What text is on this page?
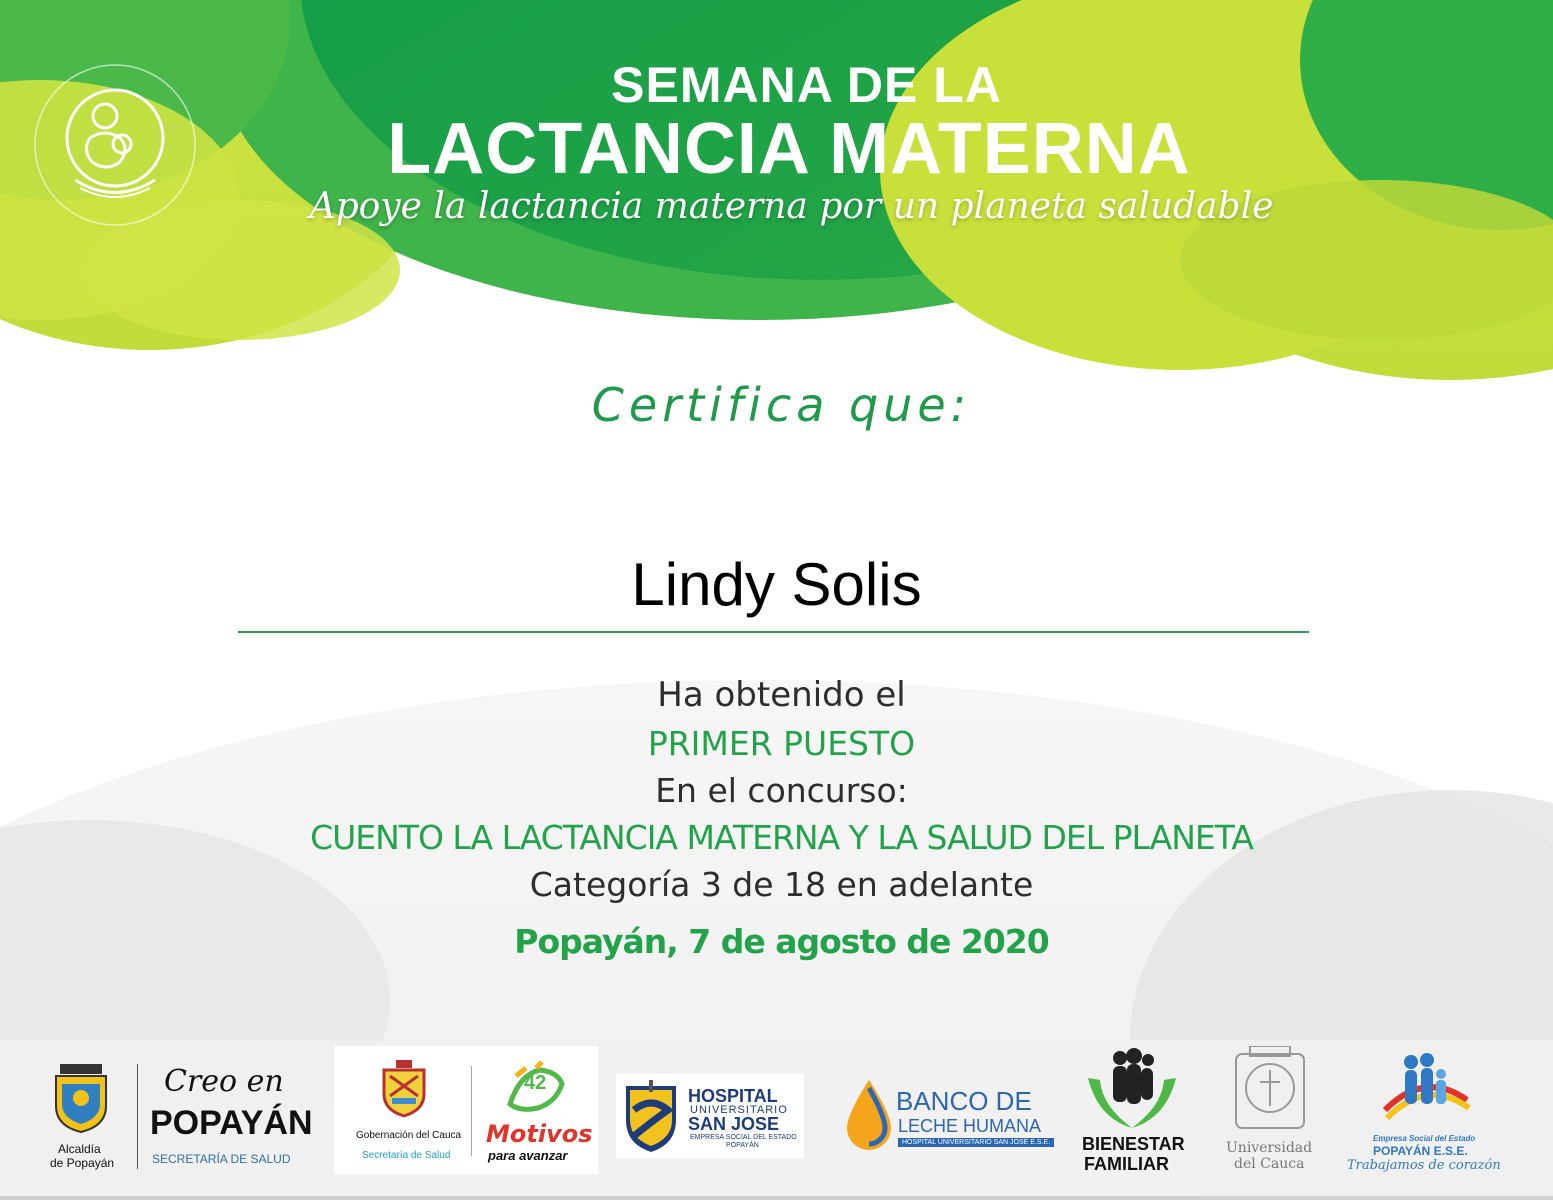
SEMANA DE LA
LACTANCIA MATERNA
Apoye la lactancia materna por un planeta saludable
Certifica que:
Lindy Solis
Ha obtenido el
PRIMER PUESTO
En el concurso:
CUENTO LA LACTANCIA MATERNA Y LA SALUD DEL PLANETA
Categoría 3 de 18 en adelante
Popayán, 7 de agosto de 2020
Alcaldía
de Popayán
Creo en
POPAYÁN
SECRETARÍA DE SALUD
Gobernación del Cauca
Secretaría de Salud
42
Motivos
para avanzar
HOSPITAL
UNIVERSITARIO
SAN JOSE
EMPRESA SOCIAL DEL ESTADO
POPAYÁN
BANCO DE
LECHE HUMANA
HOSPITAL UNIVERSITARIO SAN JOSÉ E.S.E. BIENESTAR
FAMILIAR
Universidad
del Cauca
Empresa Social del Estado
POPAYÁN E.S.E.
Trabajamos de corazón
